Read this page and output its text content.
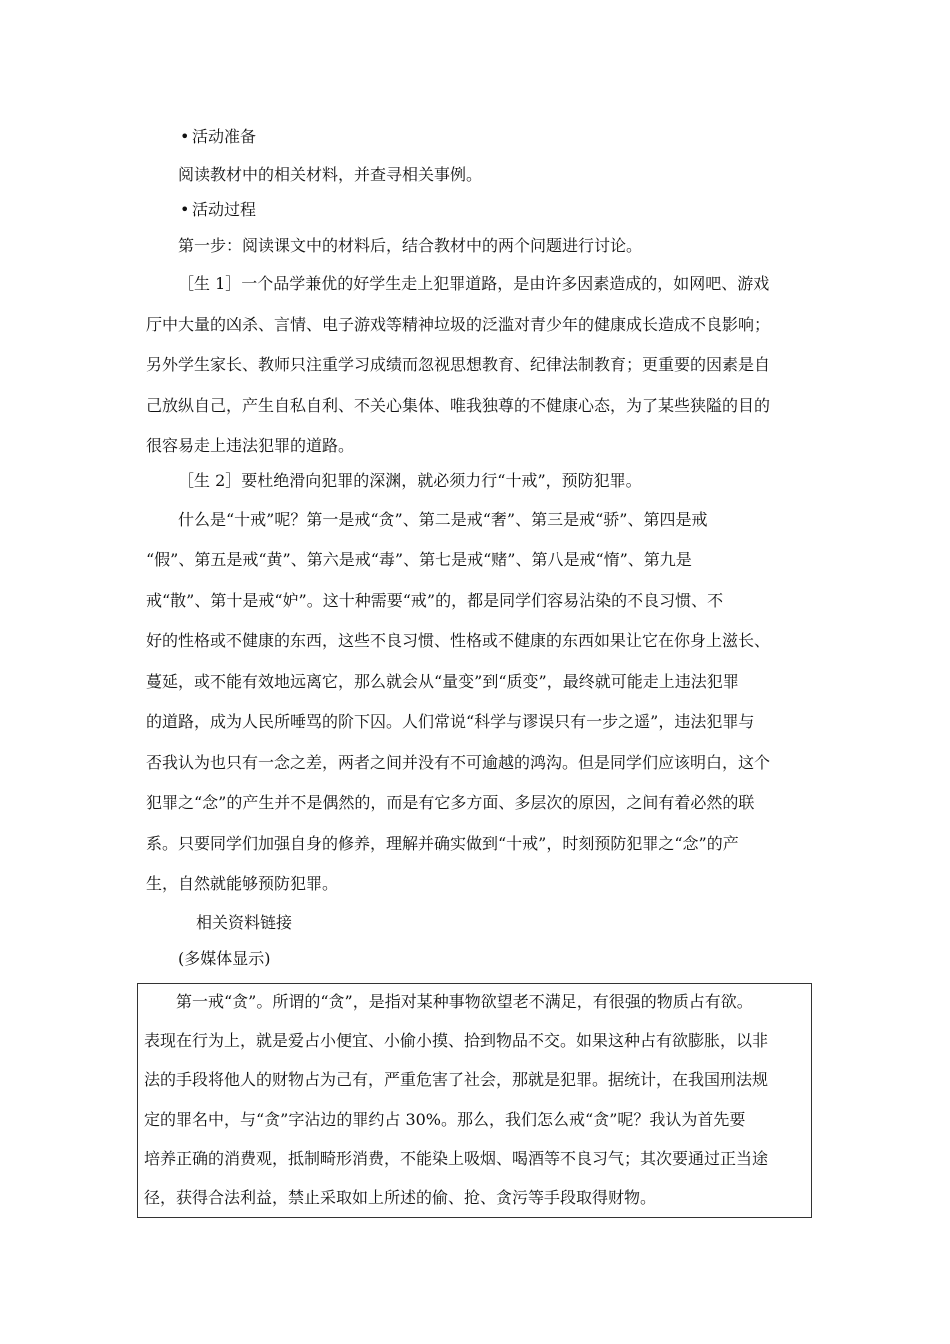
• 活动准备
阅读教材中的相关材料，并查寻相关事例。
• 活动过程
第一步：阅读课文中的材料后，结合教材中的两个问题进行讨论。
［生 1］一个品学兼优的好学生走上犯罪道路，是由许多因素造成的，如网吧、游戏
厅中大量的凶杀、言情、电子游戏等精神垃圾的泛滥对青少年的健康成长造成不良影响；
另外学生家长、教师只注重学习成绩而忽视思想教育、纪律法制教育；更重要的因素是自
己放纵自己，产生自私自利、不关心集体、唯我独尊的不健康心态，为了某些狭隘的目的
很容易走上违法犯罪的道路。
［生 2］要杜绝滑向犯罪的深渊，就必须力行“十戒”，预防犯罪。
什么是“十戒”呢？第一是戒“贪”、第二是戒“奢”、第三是戒“骄”、第四是戒
“假”、第五是戒“黄”、第六是戒“毒”、第七是戒“赌”、第八是戒“惰”、第九是
戒“散”、第十是戒“妒”。这十种需要“戒”的，都是同学们容易沾染的不良习惯、不
好的性格或不健康的东西，这些不良习惯、性格或不健康的东西如果让它在你身上滋长、
蔓延，或不能有效地远离它，那么就会从“量变”到“质变”，最终就可能走上违法犯罪
的道路，成为人民所唾骂的阶下囚。人们常说“科学与谬误只有一步之遥”，违法犯罪与
否我认为也只有一念之差，两者之间并没有不可逾越的鸿沟。但是同学们应该明白，这个
犯罪之“念”的产生并不是偶然的，而是有它多方面、多层次的原因，之间有着必然的联
系。只要同学们加强自身的修养，理解并确实做到“十戒”，时刻预防犯罪之“念”的产
生，自然就能够预防犯罪。
相关资料链接
(多媒体显示)
第一戒“贪”。所谓的“贪”，是指对某种事物欲望老不满足，有很强的物质占有欲。
表现在行为上，就是爱占小便宜、小偷小摸、拾到物品不交。如果这种占有欲膨胀，以非
法的手段将他人的财物占为己有，严重危害了社会，那就是犯罪。据统计，在我国刑法规
定的罪名中，与“贪”字沾边的罪约占 30%。那么，我们怎么戒“贪”呢？我认为首先要
培养正确的消费观，抵制畸形消费，不能染上吸烟、喝酒等不良习气；其次要通过正当途
径，获得合法利益，禁止采取如上所述的偷、抢、贪污等手段取得财物。
